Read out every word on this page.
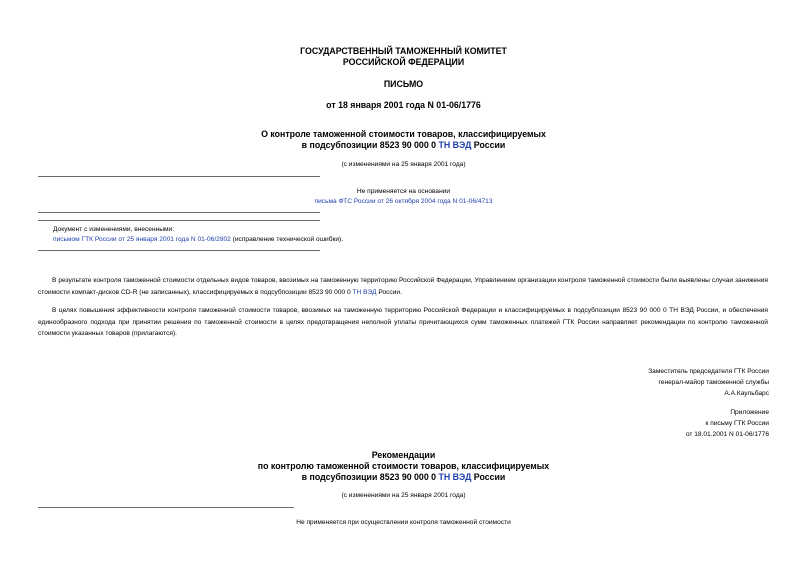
ГОСУДАРСТВЕННЫЙ ТАМОЖЕННЫЙ КОМИТЕТ
РОССИЙСКОЙ ФЕДЕРАЦИИ
ПИСЬМО
от 18 января 2001 года N 01-06/1776
О контроле таможенной стоимости товаров, классифицируемых
в подсубпозиции 8523 90 000 0 ТН ВЭД России
(с изменениями на 25 января 2001 года)
Не применяется на основании
письма ФТС России от 26 октября 2004 года N 01-06/4713
Документ с изменениями, внесенными:
письмом ГТК России от 25 января 2001 года N 01-06/2802 (исправление технической ошибки).
В результате контроля таможенной стоимости отдельных видов товаров, ввозимых на таможенную территорию Российской Федерации, Управлением организации контроля таможенной стоимости были выявлены случаи занижения стоимости компакт-дисков CD-R (не записанных), классифицируемых в подсубпозиции 8523 90 000 0 ТН ВЭД России.
В целях повышения эффективности контроля таможенной стоимости товаров, ввозимых на таможенную территорию Российской Федерации и классифицируемых в подсубпозиции 8523 90 000 0 ТН ВЭД России, и обеспечения единообразного подхода при принятии решения по таможенной стоимости в целях предотвращения неполной уплаты причитающихся сумм таможенных платежей ГТК России направляет рекомендации по контролю таможенной стоимости указанных товаров (прилагаются).
Заместитель председателя ГТК России
генерал-майор таможенной службы
А.А.Каульбарс
Приложение
к письму ГТК России
от 18.01.2001 N 01-06/1776
Рекомендации
по контролю таможенной стоимости товаров, классифицируемых
в подсубпозиции 8523 90 000 0 ТН ВЭД России
(с изменениями на 25 января 2001 года)
Не применяется при осуществлении контроля таможенной стоимости
